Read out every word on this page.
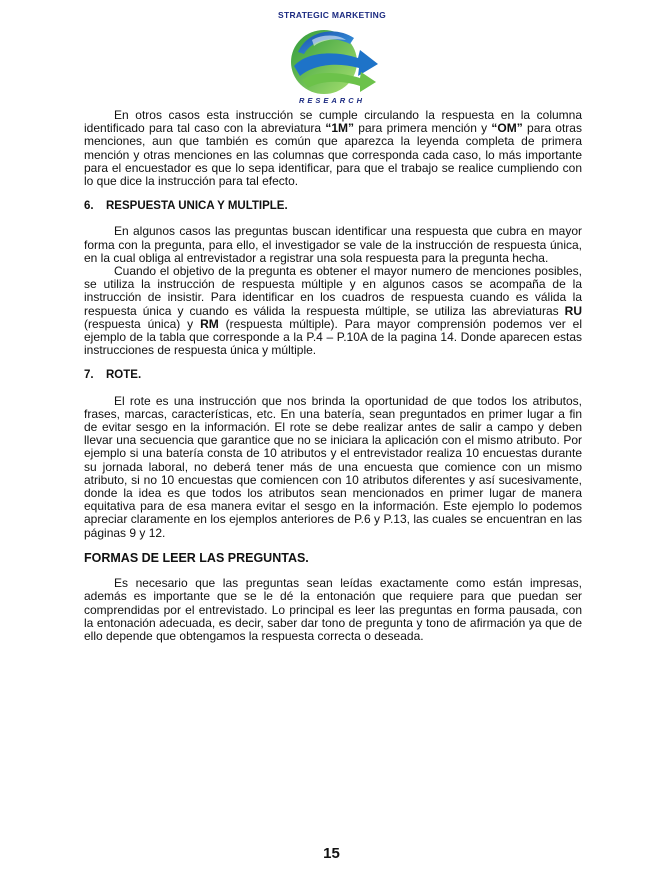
STRATEGIC MARKETING
RESEARCH

En otros casos esta instrucción se cumple circulando la respuesta en la columna identificado para tal caso con la abreviatura “1M” para primera mención y “OM” para otras menciones, aun que también es común que aparezca la leyenda completa de primera mención y otras menciones en las columnas que corresponda cada caso, lo más importante para el encuestador es que lo sepa identificar, para que el trabajo se realice cumpliendo con lo que dice la instrucción para tal efecto.

6. RESPUESTA UNICA Y MULTIPLE.

En algunos casos las preguntas buscan identificar una respuesta que cubra en mayor forma con la pregunta, para ello, el investigador se vale de la instrucción de respuesta única, en la cual obliga al entrevistador a registrar una sola respuesta para la pregunta hecha.

Cuando el objetivo de la pregunta es obtener el mayor numero de menciones posibles, se utiliza la instrucción de respuesta múltiple y en algunos casos se acompaña de la instrucción de insistir. Para identificar en los cuadros de respuesta cuando es válida la respuesta única y cuando es válida la respuesta múltiple, se utiliza las abreviaturas RU (respuesta única) y RM (respuesta múltiple). Para mayor comprensión podemos ver el ejemplo de la tabla que corresponde a la P.4 – P.10A de la pagina 14. Donde aparecen estas instrucciones de respuesta única y múltiple.

7. ROTE.

El rote es una instrucción que nos brinda la oportunidad de que todos los atributos, frases, marcas, características, etc. En una batería, sean preguntados en primer lugar a fin de evitar sesgo en la información. El rote se debe realizar antes de salir a campo y deben llevar una secuencia que garantice que no se iniciara la aplicación con el mismo atributo. Por ejemplo si una batería consta de 10 atributos y el entrevistador realiza 10 encuestas durante su jornada laboral, no deberá tener más de una encuesta que comience con un mismo atributo, si no 10 encuestas que comiencen con 10 atributos diferentes y así sucesivamente, donde la idea es que todos los atributos sean mencionados en primer lugar de manera equitativa para de esa manera evitar el sesgo en la información. Este ejemplo lo podemos apreciar claramente en los ejemplos anteriores de P.6 y P.13, las cuales se encuentran en las páginas 9 y 12.

FORMAS DE LEER LAS PREGUNTAS.

Es necesario que las preguntas sean leídas exactamente como están impresas, además es importante que se le dé la entonación que requiere para que puedan ser comprendidas por el entrevistado. Lo principal es leer las preguntas en forma pausada, con la entonación adecuada, es decir, saber dar tono de pregunta y tono de afirmación ya que de ello depende que obtengamos la respuesta correcta o deseada.

15
